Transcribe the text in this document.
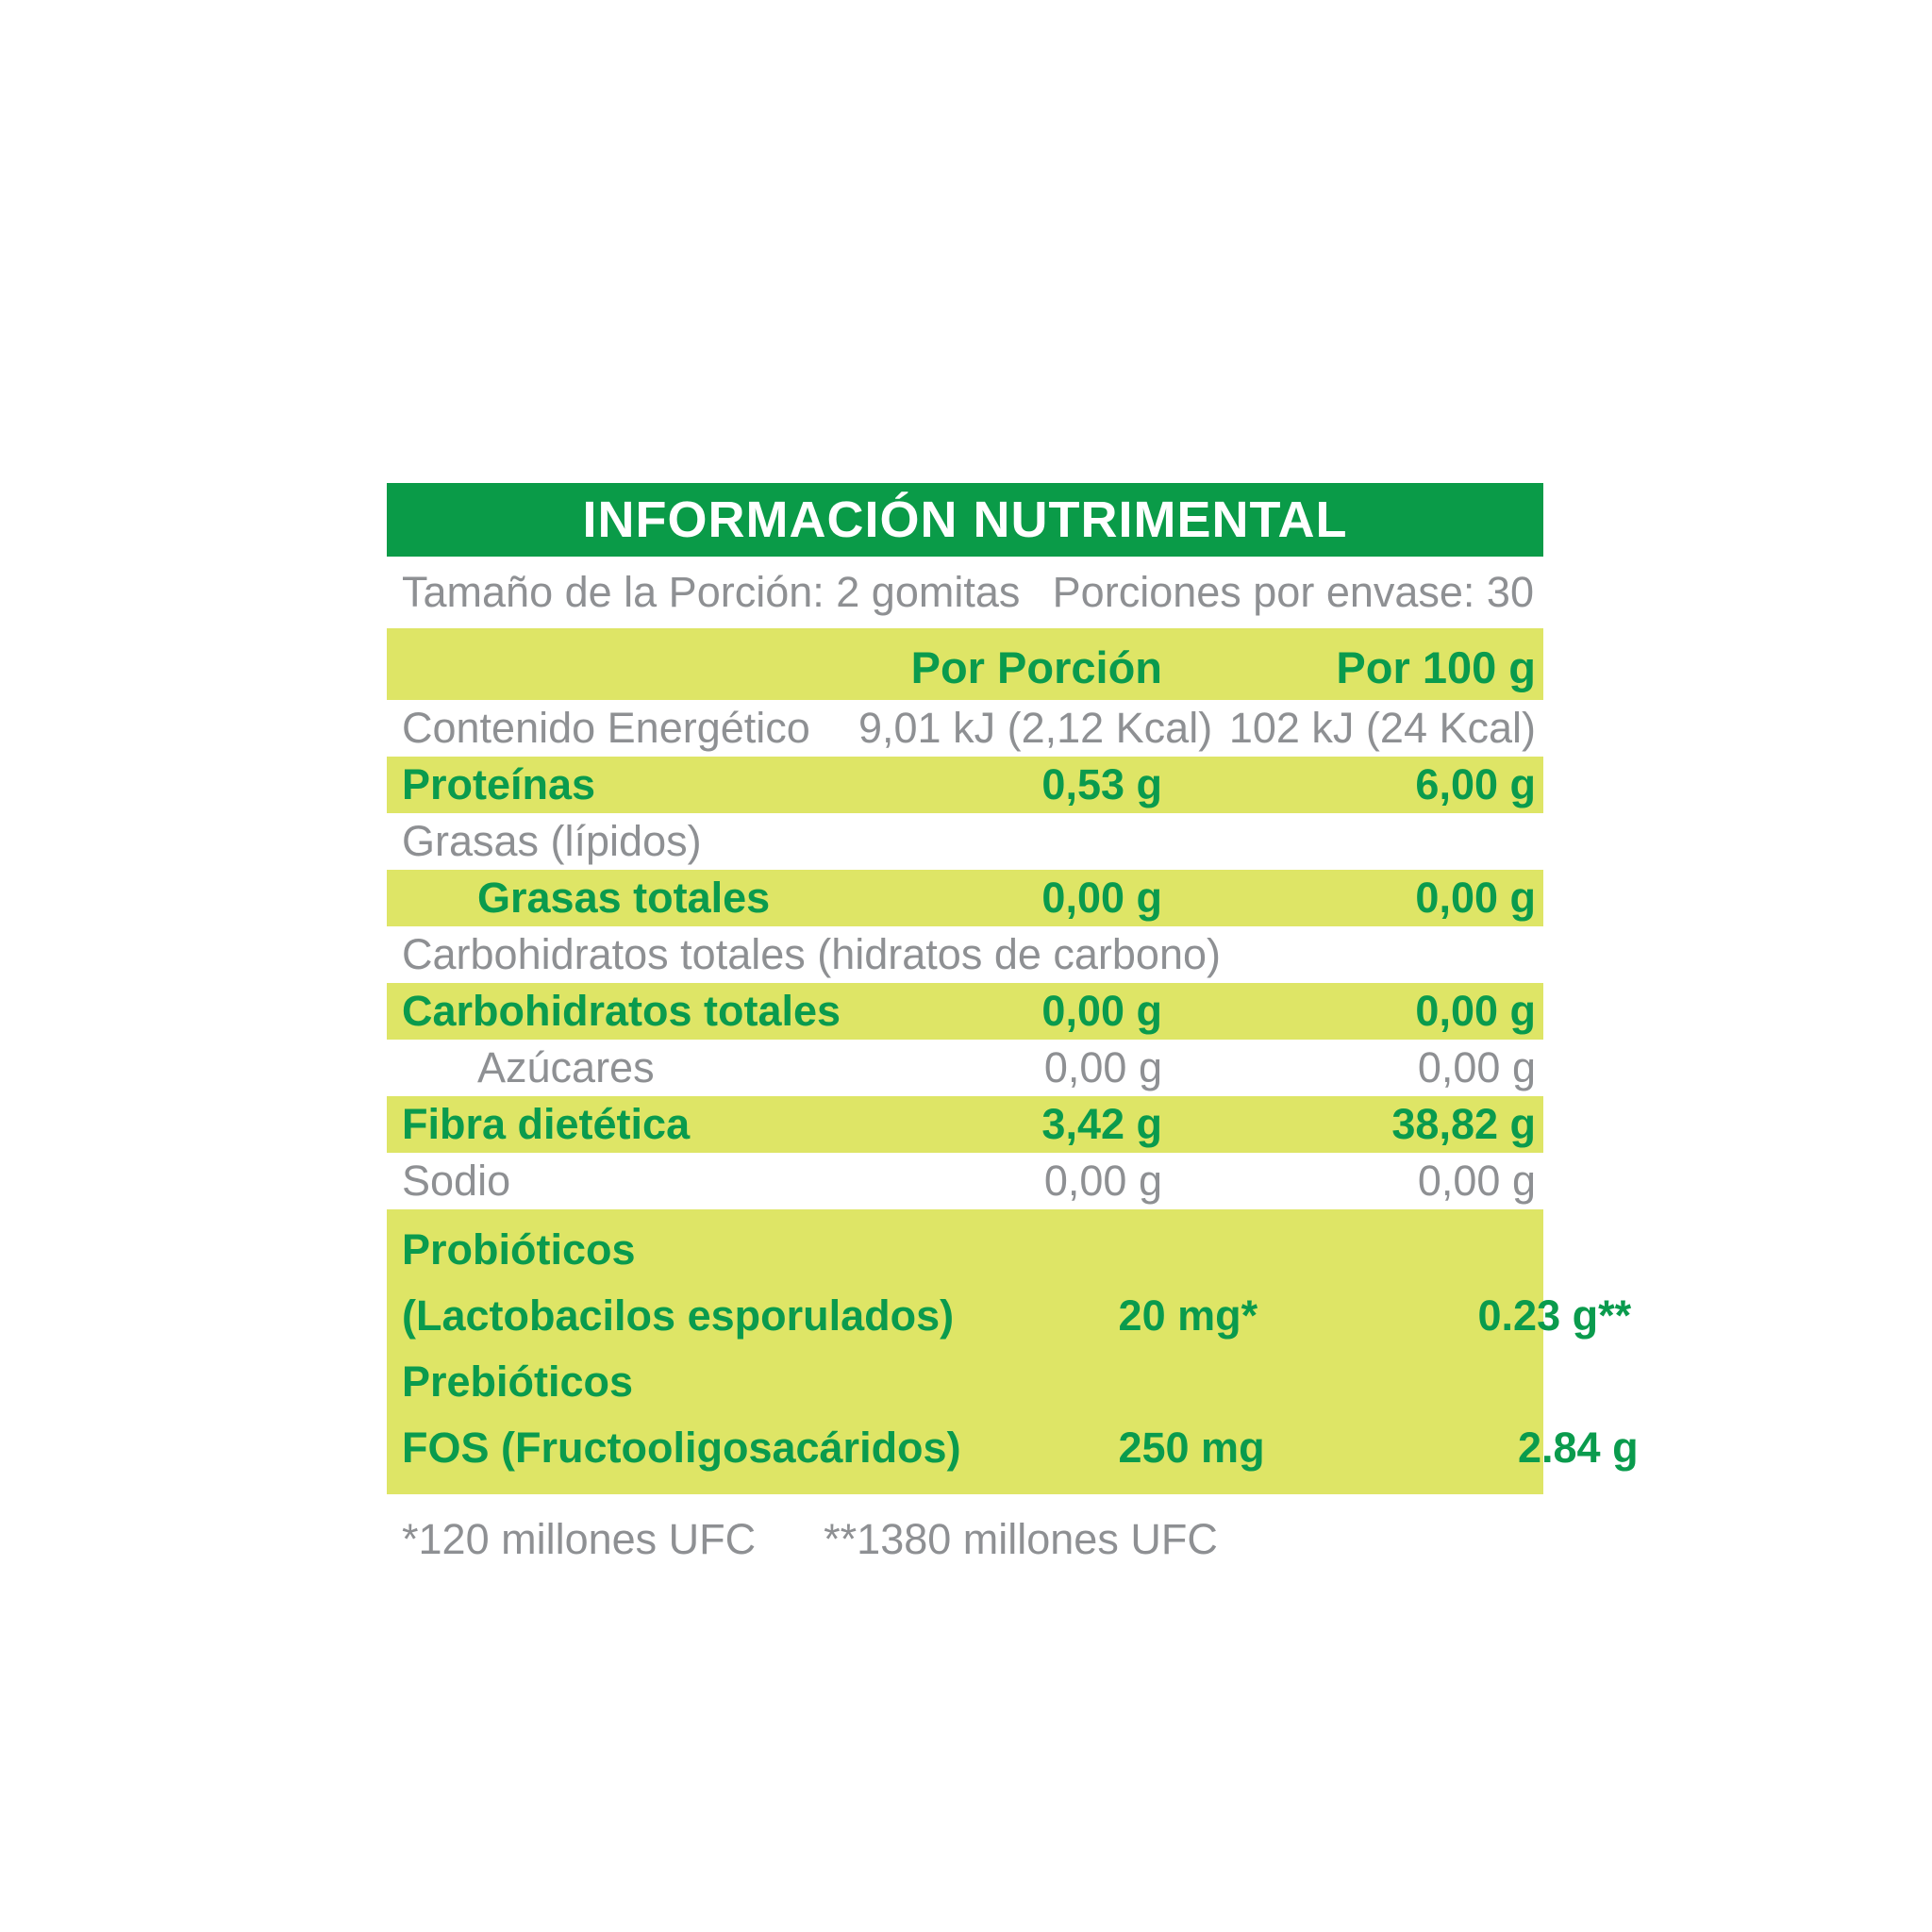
INFORMACIÓN NUTRIMENTAL
Tamaño de la Porción: 2 gomitas Porciones por envase: 30
Por Porción	Por 100 g
Contenido Energético	9,01 kJ (2,12 Kcal) 102 kJ (24 Kcal)
Proteínas	0,53 g	6,00 g
Grasas (lípidos)
Grasas totales	0,00 g	0,00 g
Carbohidratos totales (hidratos de carbono)
Carbohidratos totales	0,00 g	0,00 g
Azúcares	0,00 g	0,00 g
Fibra dietética	3,42 g	38,82 g
Sodio	0,00 g	0,00 g
Probióticos
(Lactobacilos esporulados)	20 mg*	0.23 g**
Prebióticos
FOS (Fructooligosacáridos)	250 mg	2.84 g
*120 millones UFC **1380 millones UFC
